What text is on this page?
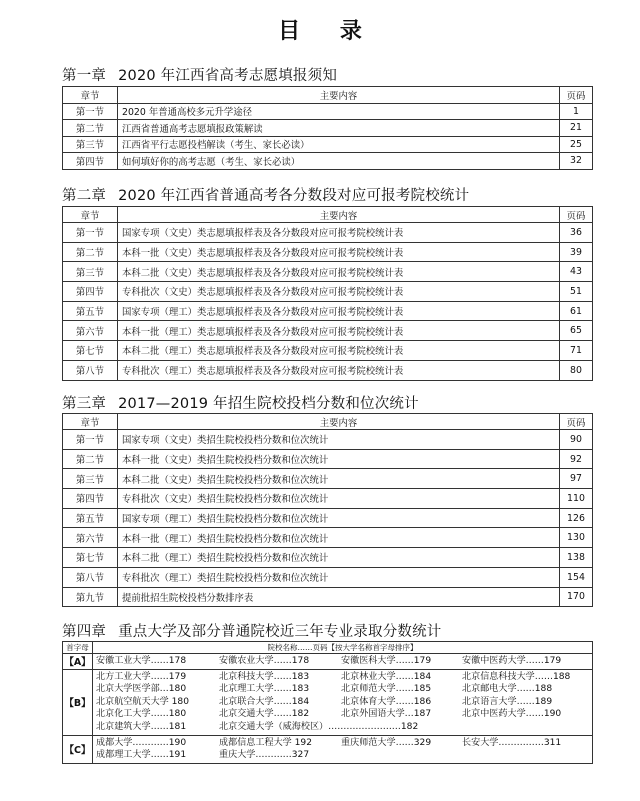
目 录
第一章 2020 年江西省高考志愿填报须知
章节	主要内容	页码
第一节	2020 年普通高校多元升学途径	1
第二节	江西省普通高考志愿填报政策解读	21
第三节	江西省平行志愿投档解读（考生、家长必读）	25
第四节	如何填好你的高考志愿（考生、家长必读）	32
第二章 2020 年江西省普通高考各分数段对应可报考院校统计
章节	主要内容	页码
第一节	国家专项（文史）类志愿填报样表及各分数段对应可报考院校统计表	36
第二节	本科一批（文史）类志愿填报样表及各分数段对应可报考院校统计表	39
第三节	本科二批（文史）类志愿填报样表及各分数段对应可报考院校统计表	43
第四节	专科批次（文史）类志愿填报样表及各分数段对应可报考院校统计表	51
第五节	国家专项（理工）类志愿填报样表及各分数段对应可报考院校统计表	61
第六节	本科一批（理工）类志愿填报样表及各分数段对应可报考院校统计表	65
第七节	本科二批（理工）类志愿填报样表及各分数段对应可报考院校统计表	71
第八节	专科批次（理工）类志愿填报样表及各分数段对应可报考院校统计表	80
第三章 2017—2019 年招生院校投档分数和位次统计
章节	主要内容	页码
第一节	国家专项（文史）类招生院校投档分数和位次统计	90
第二节	本科一批（文史）类招生院校投档分数和位次统计	92
第三节	本科二批（文史）类招生院校投档分数和位次统计	97
第四节	专科批次（文史）类招生院校投档分数和位次统计	110
第五节	国家专项（理工）类招生院校投档分数和位次统计	126
第六节	本科一批（理工）类招生院校投档分数和位次统计	130
第七节	本科二批（理工）类招生院校投档分数和位次统计	138
第八节	专科批次（理工）类招生院校投档分数和位次统计	154
第九节	提前批招生院校投档分数排序表	170
第四章 重点大学及部分普通院校近三年专业录取分数统计
首字母	院校名称……页码【按大学名称首字母排序】
【A】	安徽工业大学……178 安徽农业大学……178 安徽医科大学……179 安徽中医药大学……179

【B】	北方工业大学……179 北京科技大学……183 北京林业大学……184 北京信息科技大学……188
北京大学医学部…180 北京理工大学……183 北京师范大学……185 北京邮电大学……188
北京航空航天大学 180 北京联合大学……184 北京体育大学……186 北京语言大学……189
北京化工大学……180 北京交通大学……182 北京外国语大学…187 北京中医药大学……190
北京建筑大学……181 北京交通大学（威海校区）……………………182

【C】	成都大学…………190 成都信息工程大学 192 重庆师范大学……329 长安大学……………311
成都理工大学……191 重庆大学…………327
